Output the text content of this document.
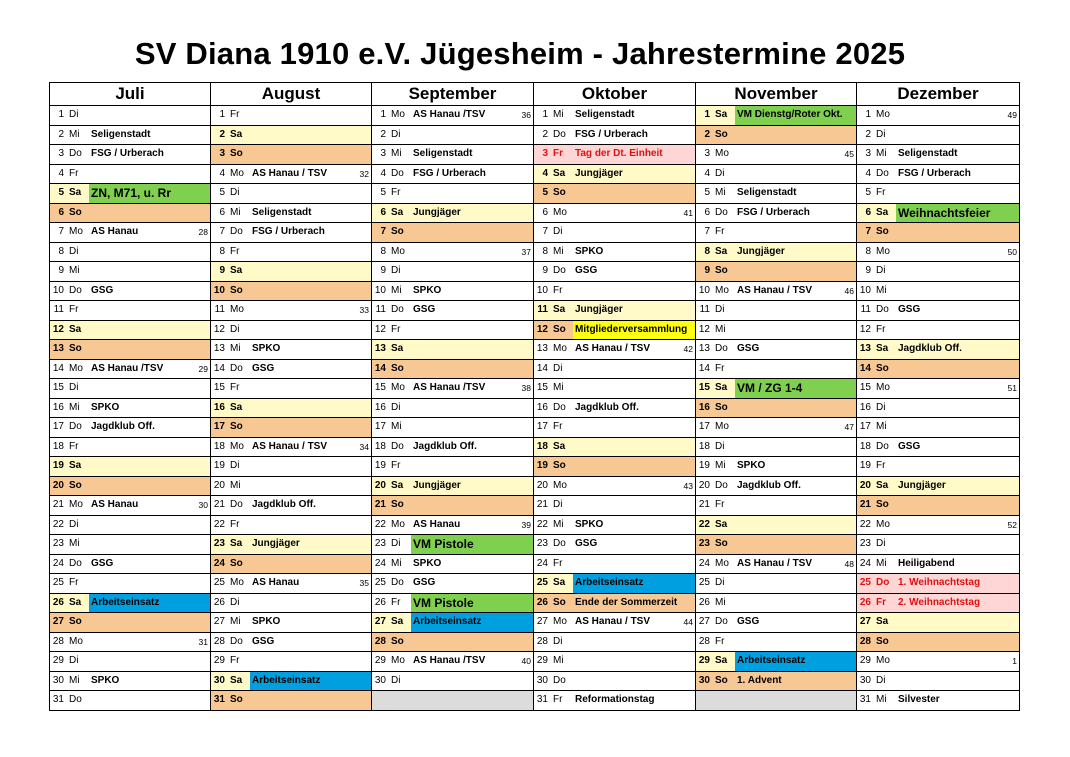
SV Diana 1910 e.V. Jügesheim - Jahrestermine 2025
Juli	August	September	Oktober	November	Dezember

1 Di	1 Fr	1 Mo AS Hanau /TSV 36	1 Mi Seligenstadt	1 Sa VM Dienstg/Roter Okt.	1 Mo 49

2 Mi Seligenstadt	2 Sa	2 Di	2 Do FSG / Urberach	2 So	2 Di

3 Do FSG / Urberach	3 So	3 Mi Seligenstadt	3 Fr Tag der Dt. Einheit	3 Mo 45	3 Mi Seligenstadt

4 Fr	4 Mo AS Hanau / TSV 32	4 Do FSG / Urberach	4 Sa Jungjäger	4 Di	4 Do FSG / Urberach

5 Sa ZN, M71, u. Rr	5 Di	5 Fr	5 So	5 Mi Seligenstadt	5 Fr

6 So	6 Mi Seligenstadt	6 Sa Jungjäger	6 Mo 41	6 Do FSG / Urberach	6 Sa Weihnachtsfeier

7 Mo AS Hanau 28	7 Do FSG / Urberach	7 So	7 Di	7 Fr	7 So

8 Di	8 Fr	8 Mo 37	8 Mi SPKO	8 Sa Jungjäger	8 Mo 50

9 Mi	9 Sa	9 Di	9 Do GSG	9 So	9 Di

10 Do GSG	10 So	10 Mi SPKO	10 Fr	10 Mo AS Hanau / TSV 46	10 Mi

11 Fr	11 Mo 33	11 Do GSG	11 Sa Jungjäger	11 Di	11 Do GSG

12 Sa	12 Di	12 Fr	12 So Mitgliederversammlung	12 Mi	12 Fr

13 So	13 Mi SPKO	13 Sa	13 Mo AS Hanau / TSV 42	13 Do GSG	13 Sa Jagdklub Off.

14 Mo AS Hanau /TSV 29	14 Do GSG	14 So	14 Di	14 Fr	14 So

15 Di	15 Fr	15 Mo AS Hanau /TSV 38	15 Mi	15 Sa VM / ZG 1-4	15 Mo 51

16 Mi SPKO	16 Sa	16 Di	16 Do Jagdklub Off.	16 So	16 Di

17 Do Jagdklub Off.	17 So	17 Mi	17 Fr	17 Mo 47	17 Mi

18 Fr	18 Mo AS Hanau / TSV 34	18 Do Jagdklub Off.	18 Sa	18 Di	18 Do GSG

19 Sa	19 Di	19 Fr	19 So	19 Mi SPKO	19 Fr

20 So	20 Mi	20 Sa Jungjäger	20 Mo 43	20 Do Jagdklub Off.	20 Sa Jungjäger

21 Mo AS Hanau 30	21 Do Jagdklub Off.	21 So	21 Di	21 Fr	21 So

22 Di	22 Fr	22 Mo AS Hanau 39	22 Mi SPKO	22 Sa	22 Mo 52

23 Mi	23 Sa Jungjäger	23 Di VM Pistole	23 Do GSG	23 So	23 Di

24 Do GSG	24 So	24 Mi SPKO	24 Fr	24 Mo AS Hanau / TSV 48	24 Mi Heiligabend

25 Fr	25 Mo AS Hanau 35	25 Do GSG	25 Sa Arbeitseinsatz	25 Di	25 Do 1. Weihnachtstag

26 Sa Arbeitseinsatz	26 Di	26 Fr VM Pistole	26 So Ende der Sommerzeit	26 Mi	26 Fr 2. Weihnachtstag

27 So	27 Mi SPKO	27 Sa Arbeitseinsatz	27 Mo AS Hanau / TSV 44	27 Do GSG	27 Sa

28 Mo 31	28 Do GSG	28 So	28 Di	28 Fr	28 So

29 Di	29 Fr	29 Mo AS Hanau /TSV 40	29 Mi	29 Sa Arbeitseinsatz	29 Mo 1

30 Mi SPKO	30 Sa Arbeitseinsatz	30 Di	30 Do	30 So 1. Advent	30 Di

31 Do	31 So		31 Fr Reformationstag		31 Mi Silvester
